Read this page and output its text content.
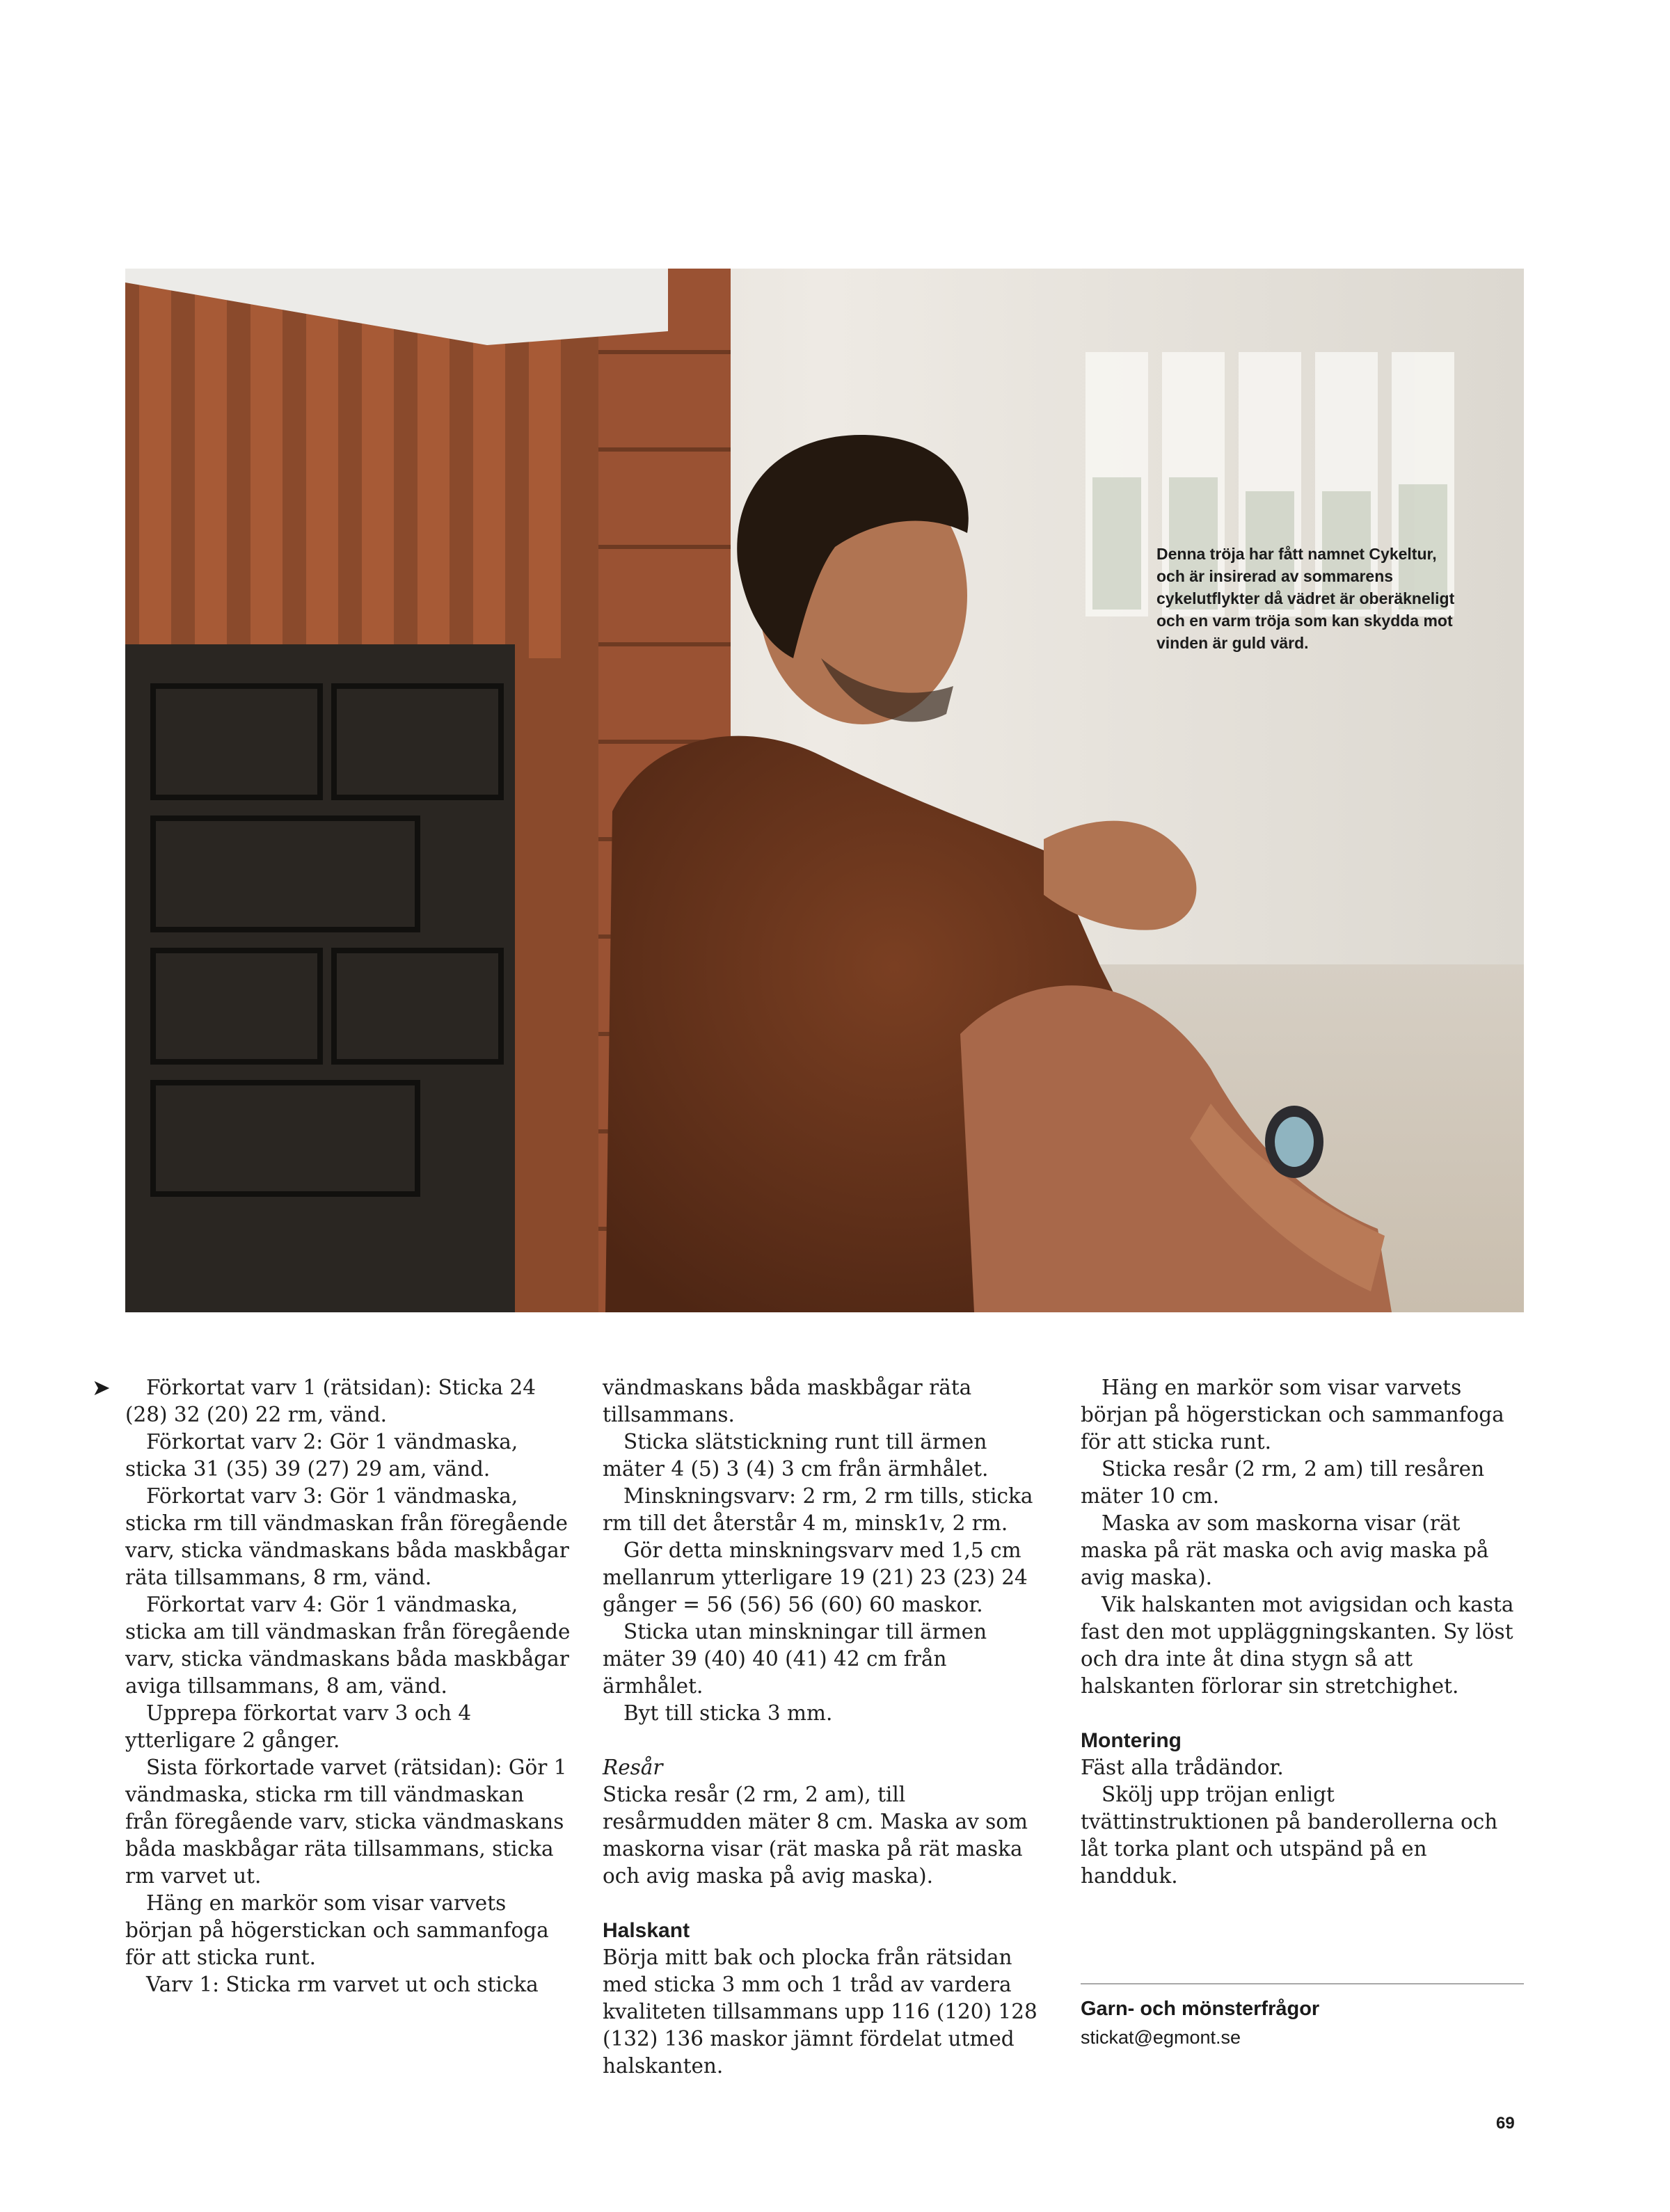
Denna tröja har fått namnet Cykeltur, och är insirerad av sommarens cykelutflykter då vädret är oberäkneligt och en varm tröja som kan skydda mot vinden är guld värd.
➤	Förkortat varv 1 (rätsidan): Sticka 24 (28) 32 (20) 22 rm, vänd.

Förkortat varv 2: Gör 1 vändmaska, sticka 31 (35) 39 (27) 29 am, vänd.

Förkortat varv 3: Gör 1 vändmaska, sticka rm till vändmaskan från föregående varv, sticka vändmaskans båda maskbågar räta tillsammans, 8 rm, vänd.

Förkortat varv 4: Gör 1 vändmaska, sticka am till vändmaskan från föregående varv, sticka vändmaskans båda maskbågar aviga tillsammans, 8 am, vänd.

Upprepa förkortat varv 3 och 4 ytterligare 2 gånger.

Sista förkortade varvet (rätsidan): Gör 1 vändmaska, sticka rm till vändmaskan från föregående varv, sticka vändmaskans båda maskbågar räta tillsammans, sticka rm varvet ut.

Häng en markör som visar varvets början på högerstickan och sammanfoga för att sticka runt.

Varv 1: Sticka rm varvet ut och sticka

vändmaskans båda maskbågar räta tillsammans.

Sticka slätstickning runt till ärmen mäter 4 (5) 3 (4) 3 cm från ärmhålet.

Minskningsvarv: 2 rm, 2 rm tills, sticka rm till det återstår 4 m, minsk1v, 2 rm.

Gör detta minskningsvarv med 1,5 cm mellanrum ytterligare 19 (21) 23 (23) 24 gånger = 56 (56) 56 (60) 60 maskor.

Sticka utan minskningar till ärmen mäter 39 (40) 40 (41) 42 cm från ärmhålet.

Byt till sticka 3 mm.

Resår

Sticka resår (2 rm, 2 am), till resårmudden mäter 8 cm. Maska av som maskorna visar (rät maska på rät maska och avig maska på avig maska).

Halskant

Börja mitt bak och plocka från rätsidan med sticka 3 mm och 1 tråd av vardera kvaliteten tillsammans upp 116 (120) 128 (132) 136 maskor jämnt fördelat utmed halskanten.

Häng en markör som visar varvets början på högerstickan och sammanfoga för att sticka runt.

Sticka resår (2 rm, 2 am) till resåren mäter 10 cm.

Maska av som maskorna visar (rät maska på rät maska och avig maska på avig maska).

Vik halskanten mot avigsidan och kasta fast den mot uppläggningskanten. Sy löst och dra inte åt dina stygn så att halskanten förlorar sin stretchighet.

Montering

Fäst alla trådändor.

Skölj upp tröjan enligt tvättinstruktionen på banderollerna och låt torka plant och utspänd på en handduk.

Garn- och mönsterfrågor
stickat@egmont.se
69
